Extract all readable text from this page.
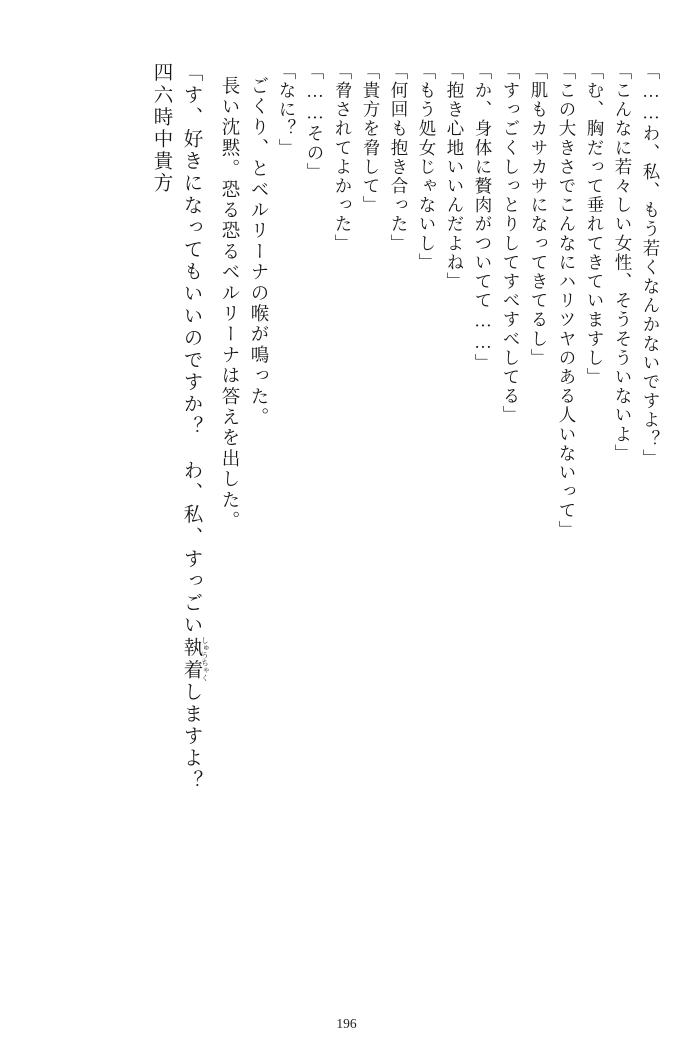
「……わ、私、もう若くなんかないですよ？」
「こんなに若々しい女性、そうそういないよ」
「む、胸だって垂れてきていますし」
「この大きさでこんなにハリツヤのある人いないって」
「肌もカサカサになってきてるし」
「すっごくしっとりしてすべすべしてる」
「か、身体に贅肉がついてて……」
「抱き心地いいんだよね」
「もう処女じゃないし」
「何回も抱き合った」
「貴方を脅して」
「脅されてよかった」
「……その」
「なに？」
ごくり、とベルリーナの喉が鳴った。
長い沈黙。恐る恐るベルリーナは答えを出した。
「す、好きになってもいいのですか？　わ、私、すっごい執着 しゅうちゃくしますよ？
四六時中貴方
196
